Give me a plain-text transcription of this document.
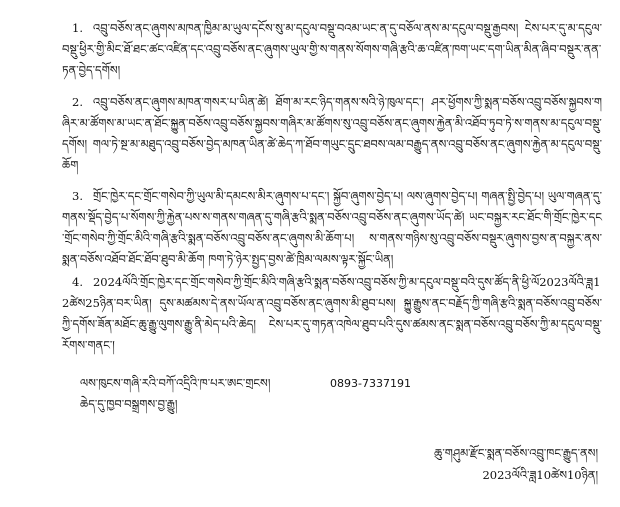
1. འབྲུ་བཅོས་ནང་ཞུགས་མཁན་ཁྱིམ་མ་ཡུལ་དངོས་སུ་མ་དངུལ་བསྡུ་བའམ་ཡང་ན་དུ་བཅོལ་ནས་མ་དངུལ་བསྡུ་རྒྱབས། ངེས་པར་དུ་མ་དངུལ་བསྡུ་ཕྱིར་གྱི་མིང་ཐོ་ཐང་ཚང་འཛིན་དང་འབྲུ་བཅོས་ནང་ཞུགས་ཡུལ་གྱི་ས་གནས་སོགས་གཞི་རྩའི་ཆ་འཛིན་ཁག་ཡང་དག་ཡིན་མིན་ཞིབ་བསྡུར་ནན་ཏན་བྱེད་དགོས།
2. འབྲུ་བཅོས་ནང་ཞུགས་མཁན་གསར་པ་ཡིན་ཚེ། ཐོག་མ་རང་ཉིད་གནས་སའི་ཉེ་ཁུལ་དང་། ཤར་ཕྱོགས་ཀྱི་སྨན་བཅོས་འབྲུ་བཅོས་སྐྱབས་གཞིར་མ་ཚོགས་མ་ཡང་ན་ཐོང་སྐྱུན་བཅོས་འབྲུ་བཅོས་སྐྱབས་གཞིར་མ་ཚོགས་སུ་འབྲུ་བཅོས་ནང་ཞུགས་རྐྱེན་མི་འཐོབ་ཏུབ་ཏེ་ས་གནས་མ་དངུལ་བསྡུ་དགོས། གལ་ཏེ་སྔ་མ་མཐུད་འབྲུ་བཅོས་བྱེད་མཁན་ཡིན་ཚེ་ཆེད་ཀ་ཐོབ་གཡུང་དྲུང་ཐབས་ལམ་བརྒྱུད་ནས་འབྲུ་བཅོས་ནང་ཞུགས་རྐྱེན་མ་དངུལ་བསྡུ་ཆོག
3. གྲོང་ཁྱེར་དང་གྲོང་གསེབ་ཀྱི་ཡུལ་མི་དམངས་མིར་ཞུགས་པ་དང་། སྐྱོབ་ཞུགས་བྱེད་པ། ལས་ཞུགས་བྱེད་པ། གཞན་སྤྱི་བྱེད་པ། ཡུལ་གཞན་དུ་གནས་སྡོད་བྱེད་པ་སོགས་ཀྱི་རྐྱེན་པས་ས་གནས་གཞན་དུ་གཞི་རྩའི་སྨན་བཅོས་འབྲུ་བཅོས་ནང་ཞུགས་ཡོད་ཚེ། ཡང་བསྐྱར་རང་ཐོང་གི་གྲོང་ཁྱེར་དང་གྲོང་གསེབ་ཀྱི་གྲོང་མིའི་གཞི་རྩའི་སྨན་བཅོས་འབྲུ་བཅོས་ནང་ཞུགས་མི་ཆོག་པ། ས་གནས་གཉིས་སུ་འབྲུ་བཅོས་བསྡུར་ཞུགས་བྱས་ན་བསྐྱར་ནས་སྨན་བཅོས་འཐོབ་ཐོང་ཐོབ་ཐུབ་མི་ཆོག ཁག་ཏེ་ཉེར་སྤྱད་བྱས་ཚེ་ཁྲིམ་ལམས་ལྟར་སྐྱོང་ཡིན།
4. 2024ལོའི་གྲོང་ཁྱེར་དང་གྲོང་གསེབ་ཀྱི་གྲོང་མིའི་གཞི་རྩའི་སྨན་བཅོས་འབྲུ་བཅོས་ཀྱི་མ་དངུལ་བསྡུ་བའི་དུས་ཚོད་ནི་ཕྱི་ལོ2023ལོའི་ཟླ12ཚེས25ཉིན་བར་ཡིན། དུས་མཚམས་དེ་ནས་ཡོལ་ན་འབྲུ་བཅོས་ནང་ཞུགས་མི་ཐུབ་པས། སྐྱུ་རྒྱུས་ནང་བརྗོད་ཀྱི་གཞི་རྩའི་སྨན་བཅོས་འབྲུ་བཅོས་ཀྱི་དགོས་ཟོན་མཐོང་ཆུ་རྒྱུ་ལུགས་རྒྱུ་ནི་མེད་པའི་ཆེད། ངེས་པར་དུ་གཏན་འཁེལ་ཐུབ་པའི་དུས་ཚམས་ནང་སྨན་བཅོས་འབྲུ་བཅོས་ཀྱི་མ་དངུལ་བསྡུ་རོགས་གནང་།
ལས་ཁུངས་གཞི་རའི་བཀོ་འདྲིའི་ཁ་པར་ཨང་གྲངས།	0893-7337191
ཆེད་དུ་ཁྱབ་བསྒྲགས་བྱ་རྒྱུ།
ཆུ་གཤུམ་རྫོང་སྨན་བཅོས་འབྲུ་ཁང་རྒྱུད་ནས།
2023ལོའི་ཟླ10ཚེས10ཉིན།
